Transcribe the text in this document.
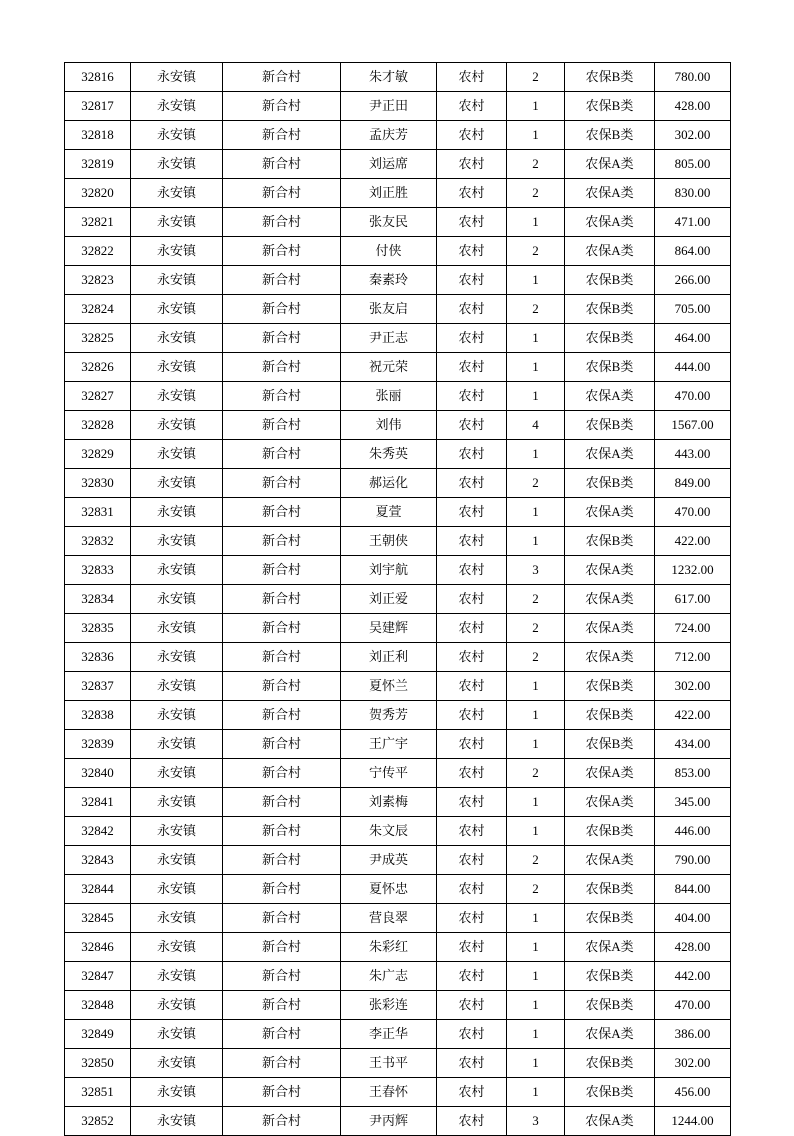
32816	永安镇	新合村	朱才敏	农村	2	农保B类	780.00
32817	永安镇	新合村	尹正田	农村	1	农保B类	428.00
32818	永安镇	新合村	孟庆芳	农村	1	农保B类	302.00
32819	永安镇	新合村	刘运席	农村	2	农保A类	805.00
32820	永安镇	新合村	刘正胜	农村	2	农保A类	830.00
32821	永安镇	新合村	张友民	农村	1	农保A类	471.00
32822	永安镇	新合村	付侠	农村	2	农保A类	864.00
32823	永安镇	新合村	秦素玲	农村	1	农保B类	266.00
32824	永安镇	新合村	张友启	农村	2	农保B类	705.00
32825	永安镇	新合村	尹正志	农村	1	农保B类	464.00
32826	永安镇	新合村	祝元荣	农村	1	农保B类	444.00
32827	永安镇	新合村	张丽	农村	1	农保A类	470.00
32828	永安镇	新合村	刘伟	农村	4	农保B类	1567.00
32829	永安镇	新合村	朱秀英	农村	1	农保A类	443.00
32830	永安镇	新合村	郝运化	农村	2	农保B类	849.00
32831	永安镇	新合村	夏萱	农村	1	农保A类	470.00
32832	永安镇	新合村	王朝侠	农村	1	农保B类	422.00
32833	永安镇	新合村	刘宇航	农村	3	农保A类	1232.00
32834	永安镇	新合村	刘正爱	农村	2	农保A类	617.00
32835	永安镇	新合村	吴建辉	农村	2	农保A类	724.00
32836	永安镇	新合村	刘正利	农村	2	农保A类	712.00
32837	永安镇	新合村	夏怀兰	农村	1	农保B类	302.00
32838	永安镇	新合村	贺秀芳	农村	1	农保B类	422.00
32839	永安镇	新合村	王广宇	农村	1	农保B类	434.00
32840	永安镇	新合村	宁传平	农村	2	农保A类	853.00
32841	永安镇	新合村	刘素梅	农村	1	农保A类	345.00
32842	永安镇	新合村	朱文辰	农村	1	农保B类	446.00
32843	永安镇	新合村	尹成英	农村	2	农保A类	790.00
32844	永安镇	新合村	夏怀忠	农村	2	农保B类	844.00
32845	永安镇	新合村	营良翠	农村	1	农保B类	404.00
32846	永安镇	新合村	朱彩红	农村	1	农保A类	428.00
32847	永安镇	新合村	朱广志	农村	1	农保B类	442.00
32848	永安镇	新合村	张彩连	农村	1	农保B类	470.00
32849	永安镇	新合村	李正华	农村	1	农保A类	386.00
32850	永安镇	新合村	王书平	农村	1	农保B类	302.00
32851	永安镇	新合村	王春怀	农村	1	农保B类	456.00
32852	永安镇	新合村	尹丙辉	农村	3	农保A类	1244.00
